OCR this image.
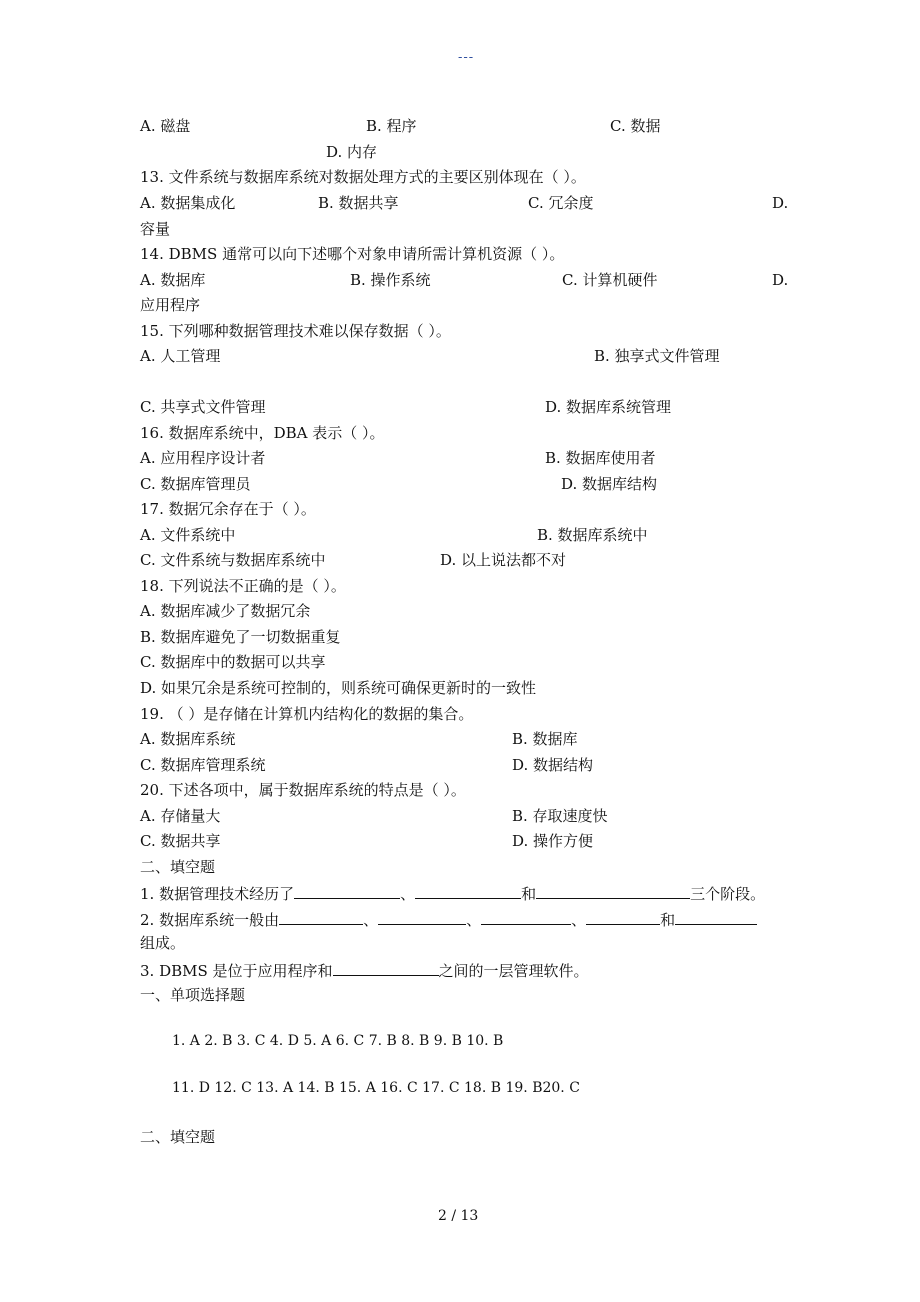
---
A. 磁盘	B. 程序	C. 数据
D. 内存
13. 文件系统与数据库系统对数据处理方式的主要区别体现在（ ）。
A. 数据集成化	B. 数据共享	C. 冗余度	D.
容量
14. DBMS 通常可以向下述哪个对象申请所需计算机资源（ ）。
A. 数据库	B. 操作系统	C. 计算机硬件	D.
应用程序
15. 下列哪种数据管理技术难以保存数据（ ）。
A. 人工管理	B. 独享式文件管理
C. 共享式文件管理	D. 数据库系统管理
16. 数据库系统中，DBA 表示（ ）。
A. 应用程序设计者	B. 数据库使用者
C. 数据库管理员	D. 数据库结构
17. 数据冗余存在于（ ）。
A. 文件系统中	B. 数据库系统中
C. 文件系统与数据库系统中	D. 以上说法都不对
18. 下列说法不正确的是（ ）。
A. 数据库减少了数据冗余
B. 数据库避免了一切数据重复
C. 数据库中的数据可以共享
D. 如果冗余是系统可控制的，则系统可确保更新时的一致性
19. （ ）是存储在计算机内结构化的数据的集合。
A. 数据库系统	B. 数据库
C. 数据库管理系统	D. 数据结构
20. 下述各项中，属于数据库系统的特点是（ ）。
A. 存储量大	B. 存取速度快
C. 数据共享	D. 操作方便
二、填空题
1. 数据管理技术经历了	、	和	三个阶段。
2. 数据库系统一般由	、	、	、	和
组成。
3. DBMS 是位于应用程序和	之间的一层管理软件。
一、单项选择题
1. A 2. B 3. C 4. D 5. A 6. C 7. B 8. B 9. B 10. B
11. D 12. C 13. A 14. B 15. A 16. C 17. C 18. B 19. B20. C
二、填空题
2 / 13
